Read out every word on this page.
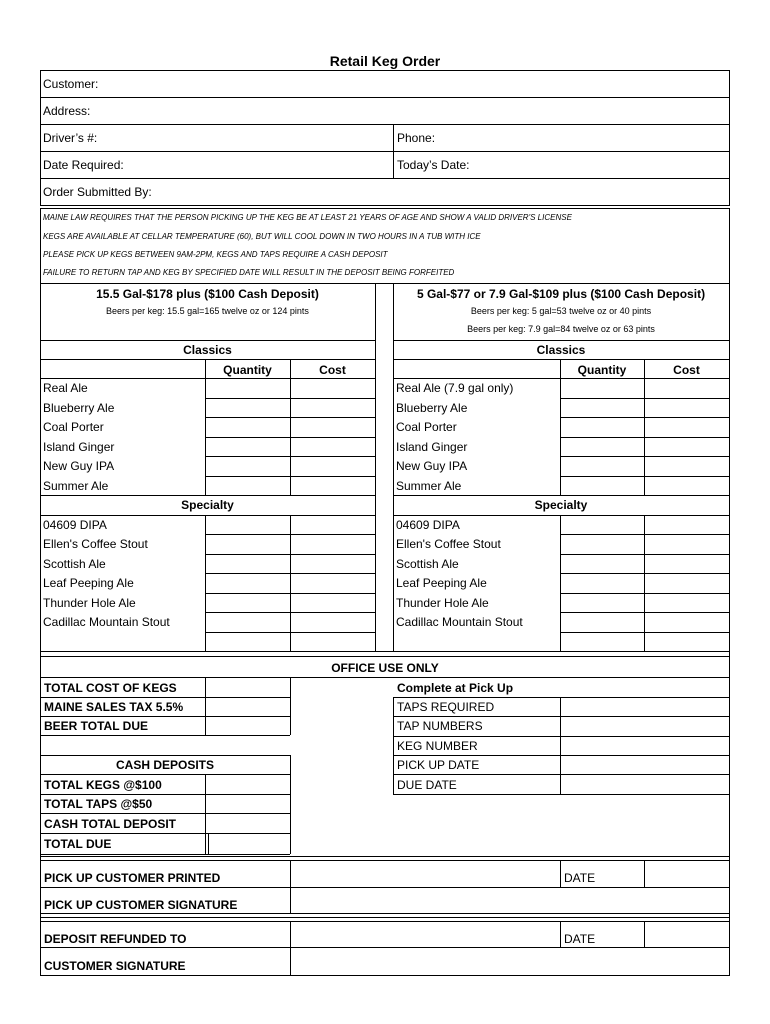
Retail Keg Order
Customer:
Address:
Driver’s #:	Phone:
Date Required:	Today’s Date:
Order Submitted By:
MAINE LAW REQUIRES THAT THE PERSON PICKING UP THE KEG BE AT LEAST 21 YEARS OF AGE AND SHOW A VALID DRIVER'S LICENSE
KEGS ARE AVAILABLE AT CELLAR TEMPERATURE (60), BUT WILL COOL DOWN IN TWO HOURS IN A TUB WITH ICE
PLEASE PICK UP KEGS BETWEEN 9AM-2PM, KEGS AND TAPS REQUIRE A CASH DEPOSIT
FAILURE TO RETURN TAP AND KEG BY SPECIFIED DATE WILL RESULT IN THE DEPOSIT BEING FORFEITED
Classics
Quantity	Cost
Real Ale
Blueberry Ale
Coal Porter
Island Ginger
New Guy IPA
Summer Ale
Specialty
04609 DIPA
Ellen's Coffee Stout
Scottish Ale
Leaf Peeping Ale
Thunder Hole Ale
Cadillac Mountain Stout
Classics
Quantity	Cost
Real Ale (7.9 gal only)
Blueberry Ale
Coal Porter
Island Ginger
New Guy IPA
Summer Ale
Specialty
04609 DIPA
Ellen's Coffee Stout
Scottish Ale
Leaf Peeping Ale
Thunder Hole Ale
Cadillac Mountain Stout
15.5 Gal-$178 plus ($100 Cash Deposit)
Beers per keg: 15.5 gal=165 twelve oz or 124 pints
5 Gal-$77 or 7.9 Gal-$109 plus ($100 Cash Deposit)
Beers per keg: 5 gal=53 twelve oz or 40 pints
Beers per keg: 7.9 gal=84 twelve oz or 63 pints
OFFICE USE ONLY
TOTAL COST OF KEGS
MAINE SALES TAX 5.5%
BEER TOTAL DUE
CASH DEPOSITS
TOTAL KEGS @$100
TOTAL TAPS @$50
CASH TOTAL DEPOSIT
TOTAL DUE
Complete at Pick Up
TAPS REQUIRED
TAP NUMBERS
KEG NUMBER
PICK UP DATE
DUE DATE
PICK UP CUSTOMER PRINTED	DATE
PICK UP CUSTOMER SIGNATURE
DEPOSIT REFUNDED TO	DATE
CUSTOMER SIGNATURE
